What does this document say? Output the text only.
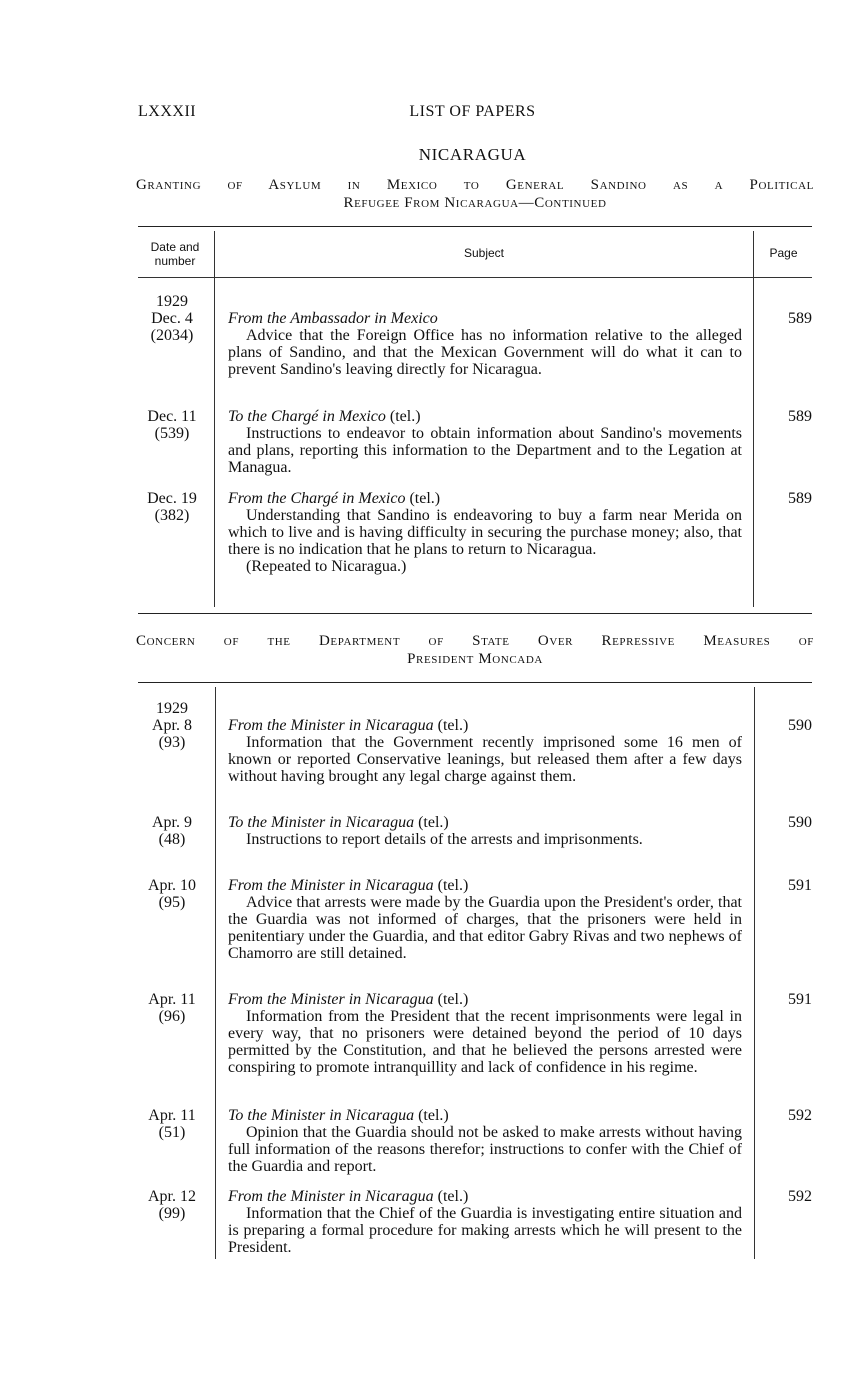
LXXXII	LIST OF PAPERS
NICARAGUA
Granting of Asylum in Mexico to General Sandino as a Political
Refugee From Nicaragua—Continued
Date and
number
Subject	Page
1929
Dec. 4
(2034)
From the Ambassador in Mexico
Advice that the Foreign Office has no information relative to the alleged plans of Sandino, and that the Mexican Government will do what it can to prevent Sandino's leaving directly for Nicaragua.
589
Dec. 11
(539)
To the Chargé in Mexico (tel.)
Instructions to endeavor to obtain information about Sandino's movements and plans, reporting this information to the Department and to the Legation at Managua.
589
Dec. 19
(382)
From the Chargé in Mexico (tel.)
Understanding that Sandino is endeavoring to buy a farm near Merida on which to live and is having difficulty in securing the purchase money; also, that there is no indication that he plans to return to Nicaragua.
(Repeated to Nicaragua.)
589
Concern of the Department of State Over Repressive Measures of
President Moncada
1929
Apr. 8
(93)
From the Minister in Nicaragua (tel.)
Information that the Government recently imprisoned some 16 men of known or reported Conservative leanings, but released them after a few days without having brought any legal charge against them.
590
Apr. 9
(48)
To the Minister in Nicaragua (tel.)
Instructions to report details of the arrests and imprisonments.
590
Apr. 10
(95)
From the Minister in Nicaragua (tel.)
Advice that arrests were made by the Guardia upon the President's order, that the Guardia was not informed of charges, that the prisoners were held in penitentiary under the Guardia, and that editor Gabry Rivas and two nephews of Chamorro are still detained.
591
Apr. 11
(96)
From the Minister in Nicaragua (tel.)
Information from the President that the recent imprisonments were legal in every way, that no prisoners were detained beyond the period of 10 days permitted by the Constitution, and that he believed the persons arrested were conspiring to promote intranquillity and lack of confidence in his regime.
591
Apr. 11
(51)
To the Minister in Nicaragua (tel.)
Opinion that the Guardia should not be asked to make arrests without having full information of the reasons therefor; instructions to confer with the Chief of the Guardia and report.
592
Apr. 12
(99)
From the Minister in Nicaragua (tel.)
Information that the Chief of the Guardia is investigating entire situation and is preparing a formal procedure for making arrests which he will present to the President.
592
